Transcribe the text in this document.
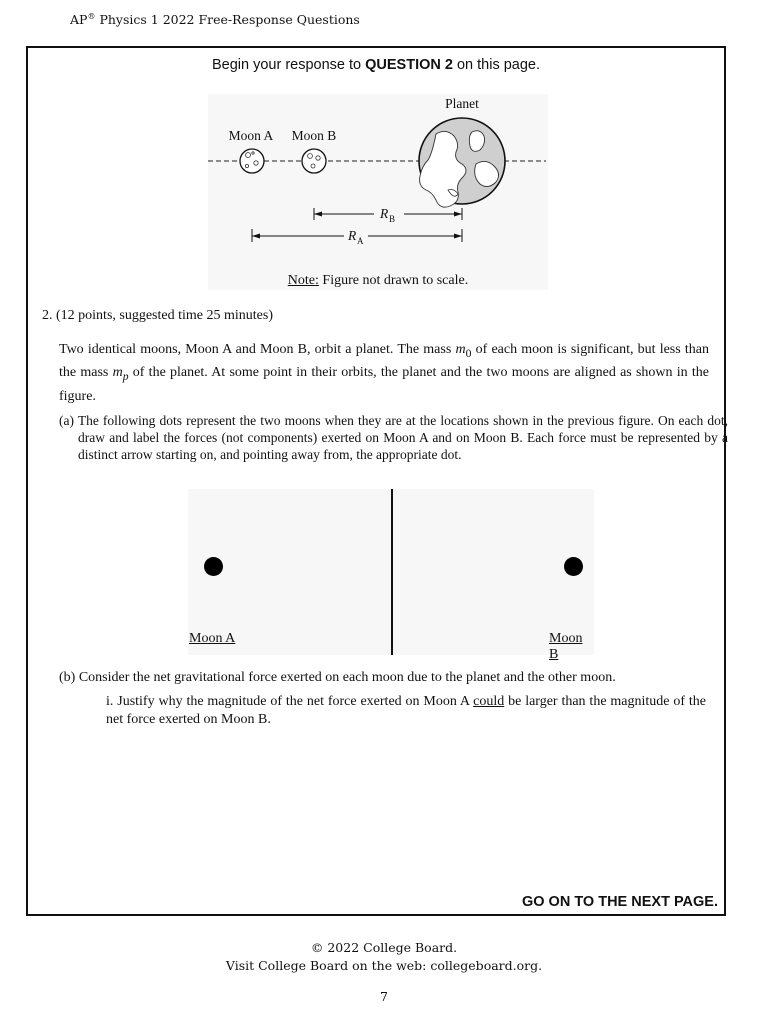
AP® Physics 1 2022 Free-Response Questions
Begin your response to QUESTION 2 on this page.
Planet
Moon A Moon B
R B
R A
Note: Figure not drawn to scale.
2. (12 points, suggested time 25 minutes)
Two identical moons, Moon A and Moon B, orbit a planet. The mass $m_0$ of each moon is significant, but less than the mass $m_p$ of the planet. At some point in their orbits, the planet and the two moons are aligned as shown in the figure.
(a) The following dots represent the two moons when they are at the locations shown in the previous figure. On each dot, draw and label the forces (not components) exerted on Moon A and on Moon B. Each force must be represented by a distinct arrow starting on, and pointing away from, the appropriate dot.
Moon A	Moon B
(b) Consider the net gravitational force exerted on each moon due to the planet and the other moon.
i. Justify why the magnitude of the net force exerted on Moon A could be larger than the magnitude of the net force exerted on Moon B.
GO ON TO THE NEXT PAGE.
© 2022 College Board.
Visit College Board on the web: collegeboard.org.
7
